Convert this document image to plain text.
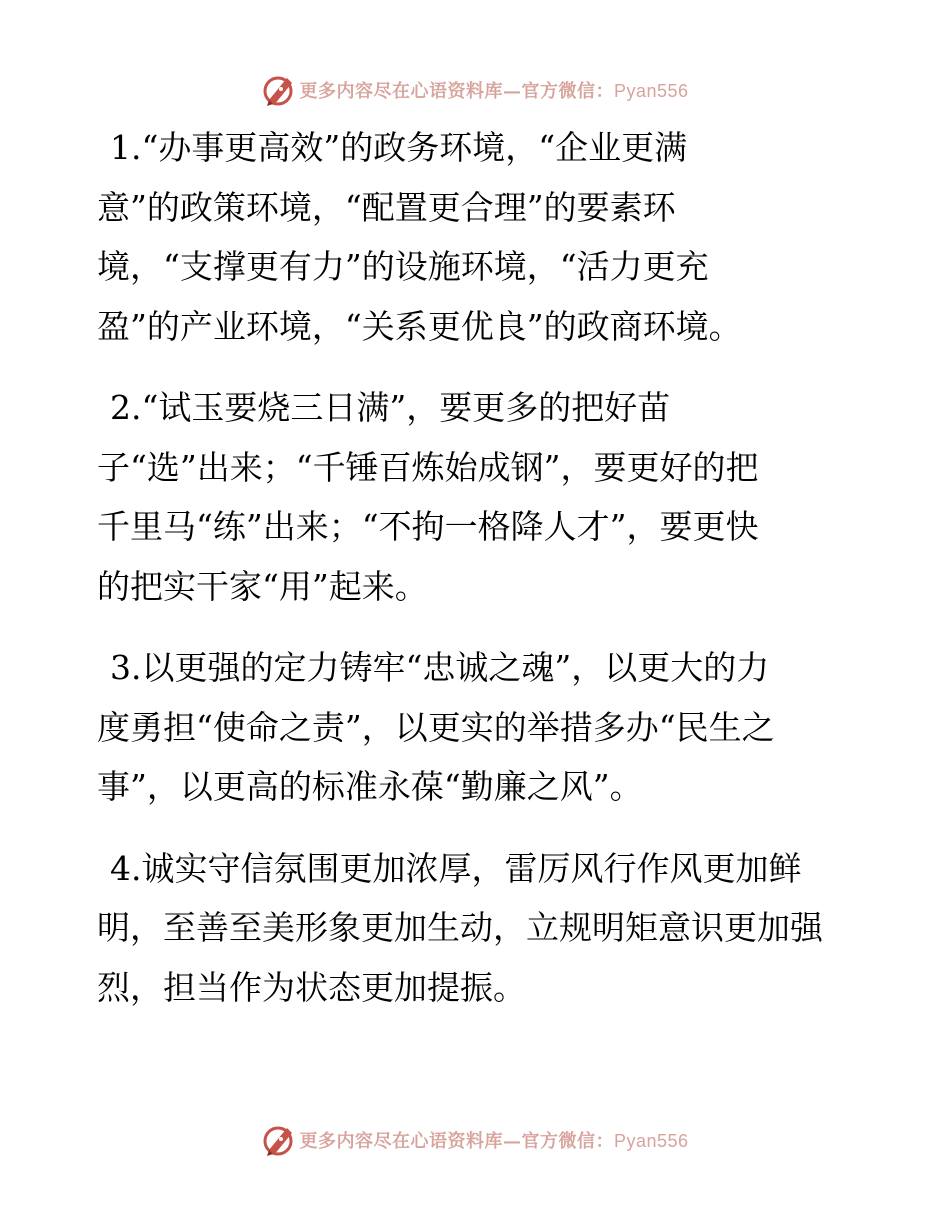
更多内容尽在心语资料库—官方微信：Pyan556

1.“办事更高效”的政务环境，“企业更满
意”的政策环境，“配置更合理”的要素环
境，“支撑更有力”的设施环境，“活力更充
盈”的产业环境，“关系更优良”的政商环境。

2.“试玉要烧三日满”，要更多的把好苗
子“选”出来；“千锤百炼始成钢”，要更好的把
千里马“练”出来；“不拘一格降人才”，要更快
的把实干家“用”起来。

3.以更强的定力铸牢“忠诚之魂”，以更大的力
度勇担“使命之责”，以更实的举措多办“民生之
事”，以更高的标准永葆“勤廉之风”。

4.诚实守信氛围更加浓厚，雷厉风行作风更加鲜
明，至善至美形象更加生动，立规明矩意识更加强
烈，担当作为状态更加提振。

更多内容尽在心语资料库—官方微信：Pyan556
